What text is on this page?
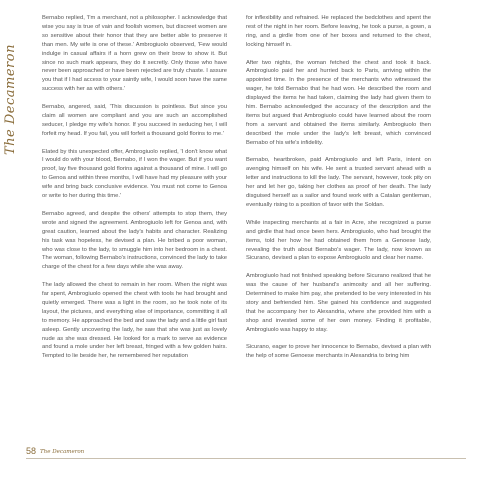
The Decameron

Bernabo replied, 'I'm a merchant, not a philosopher. I acknowledge that wise you say is true of vain and foolish women, but discreet women are so sensitive about their honor that they are better able to preserve it than men. My wife is one of these.' Ambrogiuolo observed, 'Few would indulge in casual affairs if a horn grew on their brow to show it. But since no such mark appears, they do it secretly. Only those who have never been approached or have been rejected are truly chaste. I assure you that if I had access to your saintly wife, I would soon have the same success with her as with others.'

Bernabo, angered, said, 'This discussion is pointless. But since you claim all women are compliant and you are such an accomplished seducer, I pledge my wife's honor. If you succeed in seducing her, I will forfeit my head. If you fail, you will forfeit a thousand gold florins to me.'

Elated by this unexpected offer, Ambrogiuolo replied, 'I don't know what I would do with your blood, Bernabo, if I won the wager. But if you want proof, lay five thousand gold florins against a thousand of mine. I will go to Genoa and within three months, I will have had my pleasure with your wife and bring back conclusive evidence. You must not come to Genoa or write to her during this time.'

Bernabo agreed, and despite the others' attempts to stop them, they wrote and signed the agreement. Ambrogiuolo left for Genoa and, with great caution, learned about the lady's habits and character. Realizing his task was hopeless, he devised a plan. He bribed a poor woman, who was close to the lady, to smuggle him into her bedroom in a chest. The woman, following Bernabo's instructions, convinced the lady to take charge of the chest for a few days while she was away.

The lady allowed the chest to remain in her room. When the night was far spent, Ambrogiuolo opened the chest with tools he had brought and quietly emerged. There was a light in the room, so he took note of its layout, the pictures, and everything else of importance, committing it all to memory. He approached the bed and saw the lady and a little girl fast asleep. Gently uncovering the lady, he saw that she was just as lovely nude as she was dressed. He looked for a mark to serve as evidence and found a mole under her left breast, fringed with a few golden hairs. Tempted to lie beside her, he remembered her reputation

for inflexibility and refrained. He replaced the bedclothes and spent the rest of the night in her room. Before leaving, he took a purse, a gown, a ring, and a girdle from one of her boxes and returned to the chest, locking himself in.

After two nights, the woman fetched the chest and took it back. Ambrogiuolo paid her and hurried back to Paris, arriving within the appointed time. In the presence of the merchants who witnessed the wager, he told Bernabo that he had won. He described the room and displayed the items he had taken, claiming the lady had given them to him. Bernabo acknowledged the accuracy of the description and the items but argued that Ambrogiuolo could have learned about the room from a servant and obtained the items similarly. Ambrogiuolo then described the mole under the lady's left breast, which convinced Bernabo of his wife's infidelity.

Bernabo, heartbroken, paid Ambrogiuolo and left Paris, intent on avenging himself on his wife. He sent a trusted servant ahead with a letter and instructions to kill the lady. The servant, however, took pity on her and let her go, taking her clothes as proof of her death. The lady disguised herself as a sailor and found work with a Catalan gentleman, eventually rising to a position of favor with the Soldan.

While inspecting merchants at a fair in Acre, she recognized a purse and girdle that had once been hers. Ambrogiuolo, who had brought the items, told her how he had obtained them from a Genoese lady, revealing the truth about Bernabo's wager. The lady, now known as Sicurano, devised a plan to expose Ambrogiuolo and clear her name.

Ambrogiuolo had not finished speaking before Sicurano realized that he was the cause of her husband's animosity and all her suffering. Determined to make him pay, she pretended to be very interested in his story and befriended him. She gained his confidence and suggested that he accompany her to Alexandria, where she provided him with a shop and invested some of her own money. Finding it profitable, Ambrogiuolo was happy to stay.

Sicurano, eager to prove her innocence to Bernabo, devised a plan with the help of some Genoese merchants in Alexandria to bring him

58 The Decameron
